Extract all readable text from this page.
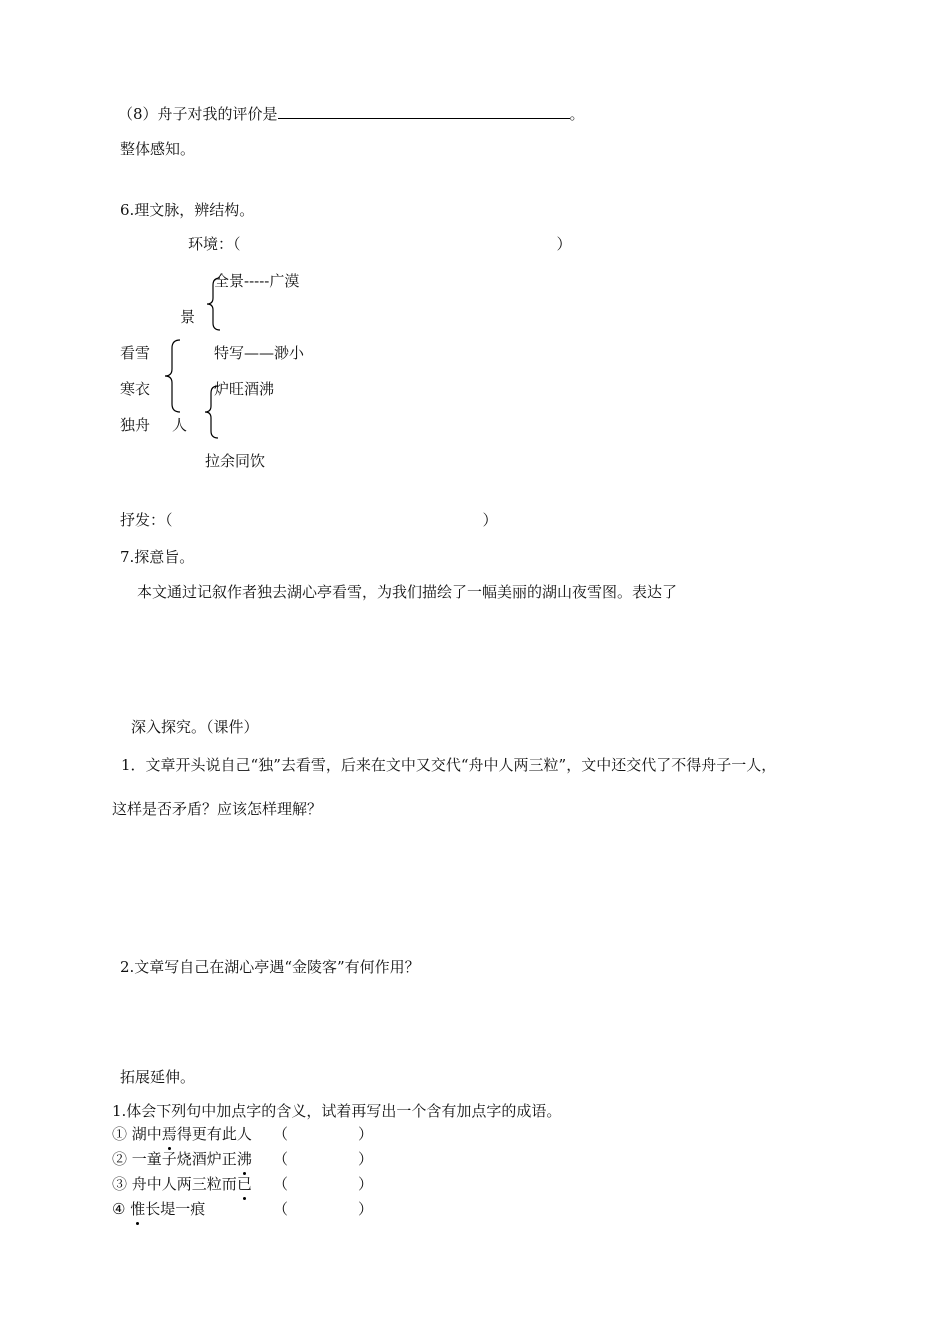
（8）舟子对我的评价是	。
整体感知。
6.理文脉，辨结构。
环境：（	）
全景-----广漠
景
特写——渺小
看雪
寒衣
独舟
炉旺酒沸
人
拉余同饮
抒发：（	）
7.探意旨。
本文通过记叙作者独去湖心亭看雪，为我们描绘了一幅美丽的湖山夜雪图。表达了
深入探究。（课件）
1．文章开头说自己“独”去看雪，后来在文中又交代“舟中人两三粒”，文中还交代了不得舟子一人，
这样是否矛盾？应该怎样理解？
2.文章写自己在湖心亭遇“金陵客”有何作用？
拓展延伸。
1.体会下列句中加点字的含义，试着再写出一个含有加点字的成语。
① 湖中焉得更有此人 （	）
② 一童子烧酒炉正沸 （	）
③ 舟中人两三粒而已 （	）
④ 惟长堤一痕	（	）
